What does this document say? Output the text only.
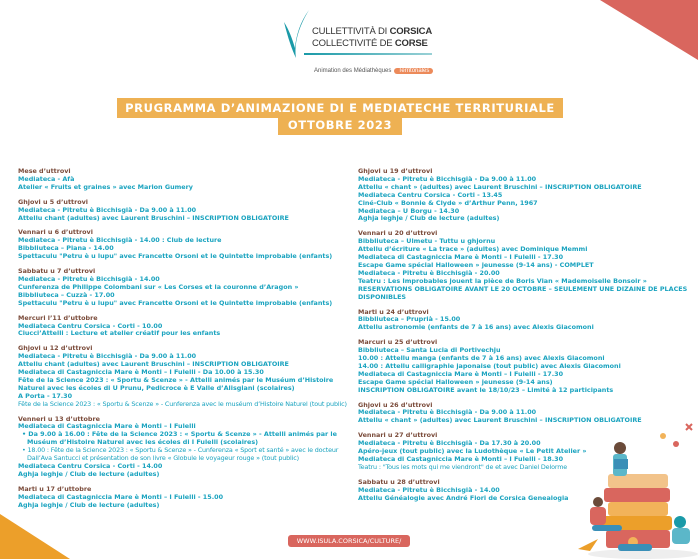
CULLETTIVITÀ DI CORSICA
COLLECTIVITÉ DE CORSE
Animation des Médiathèques Territoriales
PRUGRAMMA D’ANIMAZIONE DI E MEDIATECHE TERRITURIALE
OTTOBRE 2023
Mese d’uttrovi
Mediateca - Afà
Atelier « Fruits et graines » avec Marion Gumery
Ghjovi u 5 d’uttrovi
Mediateca - Pitretu è Bicchisgià - Da 9.00 à 11.00
Attellu chant (adultes) avec Laurent Bruschini – INSCRIPTION OBLIGATOIRE
Vennari u 6 d’uttrovi
Mediateca - Pitretu è Bicchisgià - 14.00 : Club de lecture
Bibbliuteca – Piana - 14.00
Spettaculu "Petru è u lupu" avec Francette Orsoni et le Quintette improbable (enfants)
Sabbatu u 7 d’uttrovi
Mediateca - Pitretu è Bicchisgià - 14.00
Cunferenza de Philippe Colombani sur « Les Corses et la couronne d’Aragon »
Bibbliuteca – Cuzzà - 17.00
Spettaculu "Petru è u lupu" avec Francette Orsoni et le Quintette improbable (enfants)
Mercuri l’11 d’uttobre
Mediateca Centru Corsica - Corti - 10.00
Ciucci’Attelli : Lecture et atelier créatif pour les enfants
Ghjovi u 12 d’uttrovi
Mediateca - Pitretu è Bicchisgià - Da 9.00 à 11.00
Attellu chant (adultes) avec Laurent Bruschini – INSCRIPTION OBLIGATOIRE
Mediateca di Castagniccia Mare è Monti – I Fulelli - Da 10.00 à 15.30
Fête de la Science 2023 : « Sportu & Scenze » - Attelli animés par le Muséum d’Histoire Naturel avec les écoles di U Prunu, Pedicroce è E Valle d’Alisgiani (scolaires)
A Porta - 17.30
Fête de la Science 2023 : « Sportu & Scenze » - Cunferenza avec le muséum d’Histoire Naturel (tout public)
Venneri u 13 d’uttobre
Mediateca di Castagniccia Mare è Monti – I Fulelli
• Da 9.00 à 16.00 : Fête de la Science 2023 : « Sportu & Scenze » - Attelli animés par le Muséum d’Histoire Naturel avec les écoles di I Fulelli (scolaires)
• 18.00 : Fête de la Science 2023 : « Sportu & Scenze » - Cunferenza « Sport et santé » avec le docteur Dall’Ava Santucci et présentation de son livre « Globule le voyageur rouge » (tout public)
Mediateca Centru Corsica - Corti - 14.00
Aghja leghje / Club de lecture (adultes)
Marti u 17 d’uttobre
Mediateca di Castagniccia Mare è Monti – I Fulelli - 15.00
Aghja leghje / Club de lecture (adultes)
Ghjovi u 19 d’uttrovi
Mediateca - Pitretu è Bicchisgià - Da 9.00 à 11.00
Attellu « chant » (adultes) avec Laurent Bruschini – INSCRIPTION OBLIGATOIRE
Mediateca Centru Corsica - Corti - 13.45
Ciné-Club « Bonnie & Clyde » d’Arthur Penn, 1967
Mediateca – U Borgu - 14.30
Aghja leghje / Club de lecture (adultes)
Vennari u 20 d’uttrovi
Bibbliuteca – Ulmetu - Tuttu u ghjornu
Attellu d’écriture « La trace » (adultes) avec Dominique Memmi
Mediateca di Castagniccia Mare è Monti – I Fulelli - 17.30
Escape Game spécial Halloween » jeunesse (9-14 ans) - COMPLET
Mediateca - Pitretu è Bicchisgià - 20.00
Teatru : Les Improbables jouent la pièce de Boris Vian « Mademoiselle Bonsoir »
RESERVATIONS OBLIGATOIRE AVANT LE 20 OCTOBRE – SEULEMENT UNE DIZAINE DE PLACES DISPONIBLES
Marti u 24 d’uttrovi
Bibbliuteca – Pruprià - 15.00
Attellu astronomie (enfants de 7 à 16 ans) avec Alexis Giacomoni
Marcuri u 25 d’uttrovi
Bibbliuteca – Santa Lucia di Portivechju
10.00 : Attellu manga (enfants de 7 à 16 ans) avec Alexis Giacomoni
14.00 : Attellu calligraphie japonaise (tout public) avec Alexis Giacomoni
Mediateca di Castagniccia Mare è Monti – I Fulelli - 17.30
Escape Game spécial Halloween » jeunesse (9-14 ans)
INSCRIPTION OBLIGATOIRE avant le 18/10/23 – Limité à 12 participants
Ghjovi u 26 d’uttrovi
Mediateca - Pitretu è Bicchisgià - Da 9.00 à 11.00
Attellu « chant » (adultes) avec Laurent Bruschini – INSCRIPTION OBLIGATOIRE
Vennari u 27 d’uttrovi
Mediateca - Pitretu è Bicchisgià - Da 17.30 à 20.00
Apéro-jeux (tout public) avec la Ludothèque « Le Petit Atelier »
Mediateca di Castagniccia Mare è Monti – I Fulelli - 18.30
Teatru : "Tous les mots qui me viendront" de et avec Daniel Delorme
Sabbatu u 28 d’uttrovi
Mediateca - Pitretu è Bicchisgià - 14.00
Attellu Généalogie avec André Fiori de Corsica Genealogia
WWW.ISULA.CORSICA/CULTURE/
